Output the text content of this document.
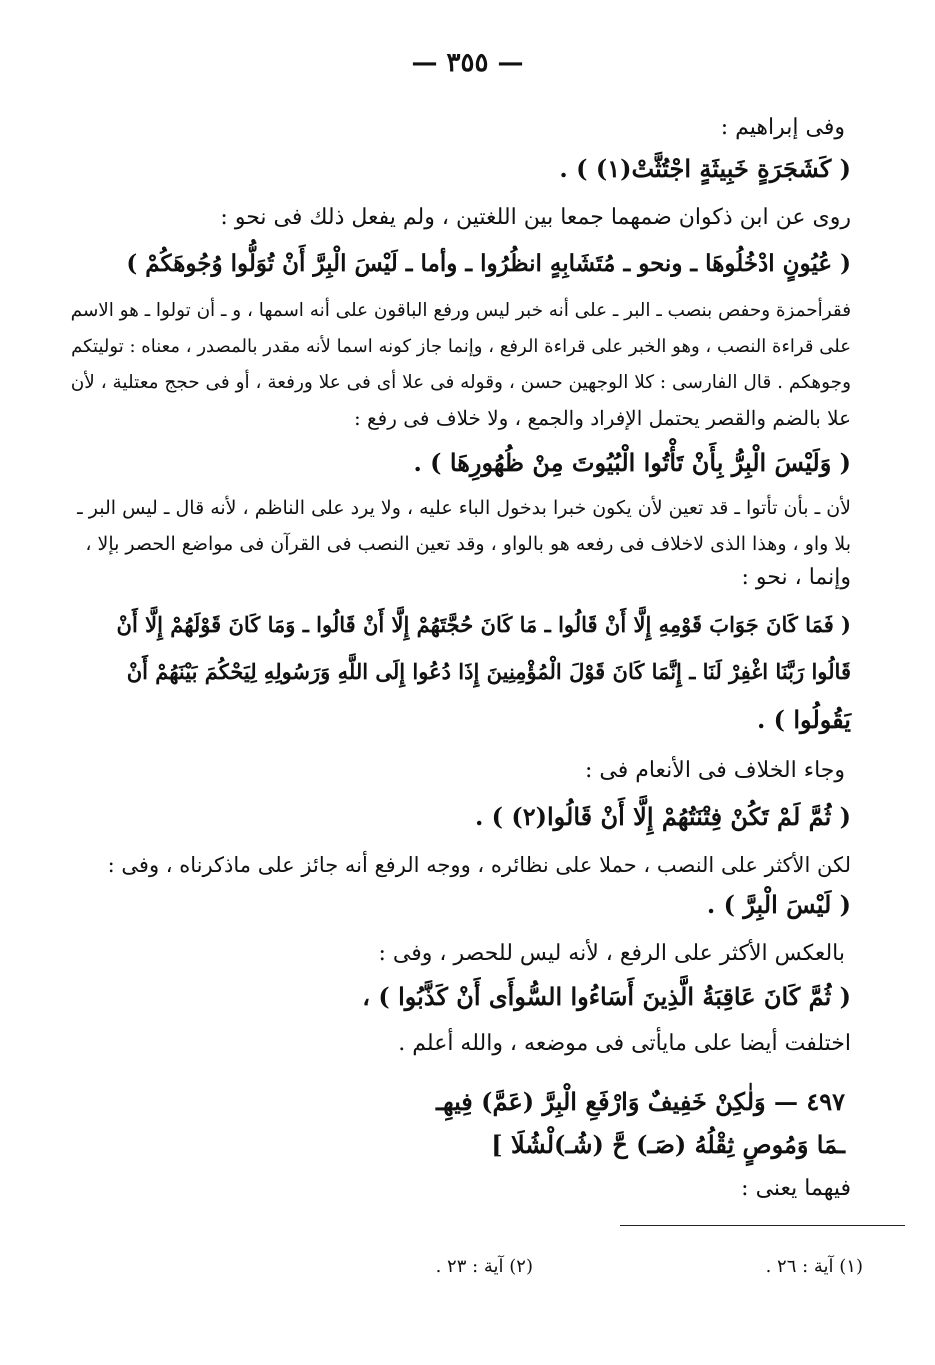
— ٣٥٥ —
وفى إبراهيم :
( كَشَجَرَةٍ خَبِيثَةٍ اجْتُثَّتْ(١) ) .
روى عن ابن ذكوان ضمهما جمعا بين اللغتين ، ولم يفعل ذلك فى نحو :
( عُيُونٍ ادْخُلُوهَا ـ ونحو ـ مُتَشَابِهٍ انظُرُوا ـ وأما ـ لَيْسَ الْبِرَّ أَنْ تُوَلُّوا وُجُوهَكُمْ )
فقرأحمزة وحفص بنصب ـ البر ـ على أنه خبر ليس ورفع الباقون على أنه اسمها ، و ـ أن تولوا ـ هو الاسم
على قراءة النصب ، وهو الخبر على قراءة الرفع ، وإنما جاز كونه اسما لأنه مقدر بالمصدر ، معناه : توليتكم
وجوهكم . قال الفارسى : كلا الوجهين حسن ، وقوله فى علا أى فى علا ورفعة ، أو فى حجج معتلية ، لأن
علا بالضم والقصر يحتمل الإفراد والجمع ، ولا خلاف فى رفع :
( وَلَيْسَ الْبِرُّ بِأَنْ تَأْتُوا الْبُيُوتَ مِنْ ظُهُورِهَا ) .
لأن ـ بأن تأتوا ـ قد تعين لأن يكون خبرا بدخول الباء عليه ، ولا يرد على الناظم ، لأنه قال ـ ليس البر ـ
بلا واو ، وهذا الذى لاخلاف فى رفعه هو بالواو ، وقد تعين النصب فى القرآن فى مواضع الحصر بإلا ،
وإنما ، نحو :
( فَمَا كَانَ جَوَابَ قَوْمِهِ إِلَّا أَنْ قَالُوا ـ مَا كَانَ حُجَّتَهُمْ إِلَّا أَنْ قَالُوا ـ وَمَا كَانَ قَوْلَهُمْ إِلَّا أَنْ
قَالُوا رَبَّنَا اغْفِرْ لَنَا ـ إِنَّمَا كَانَ قَوْلَ الْمُؤْمِنِينَ إِذَا دُعُوا إِلَى اللَّهِ وَرَسُولِهِ لِيَحْكُمَ بَيْنَهُمْ أَنْ
يَقُولُوا ) .
وجاء الخلاف فى الأنعام فى :
( ثُمَّ لَمْ تَكُنْ فِتْنَتُهُمْ إِلَّا أَنْ قَالُوا(٢) ) .
لكن الأكثر على النصب ، حملا على نظائره ، ووجه الرفع أنه جائز على ماذكرناه ، وفى :
( لَيْسَ الْبِرَّ ) .
بالعكس الأكثر على الرفع ، لأنه ليس للحصر ، وفى :
( ثُمَّ كَانَ عَاقِبَةُ الَّذِينَ أَسَاءُوا السُّوأَى أَنْ كَذَّبُوا ) ،
اختلفت أيضا على مايأتى فى موضعه ، والله أعلم .
٤٩٧ — وَلٰكِنْ خَفِيفٌ وَارْفَعِ الْبِرَّ (عَمَّ) فِيهِـ
ـمَا وَمُوصٍ ثِقْلُهُ (صَـ) حَّ (شُـ)لْشُلَا ]
فيهما يعنى :
(١) آية : ٢٦ .
(٢) آية : ٢٣ .
